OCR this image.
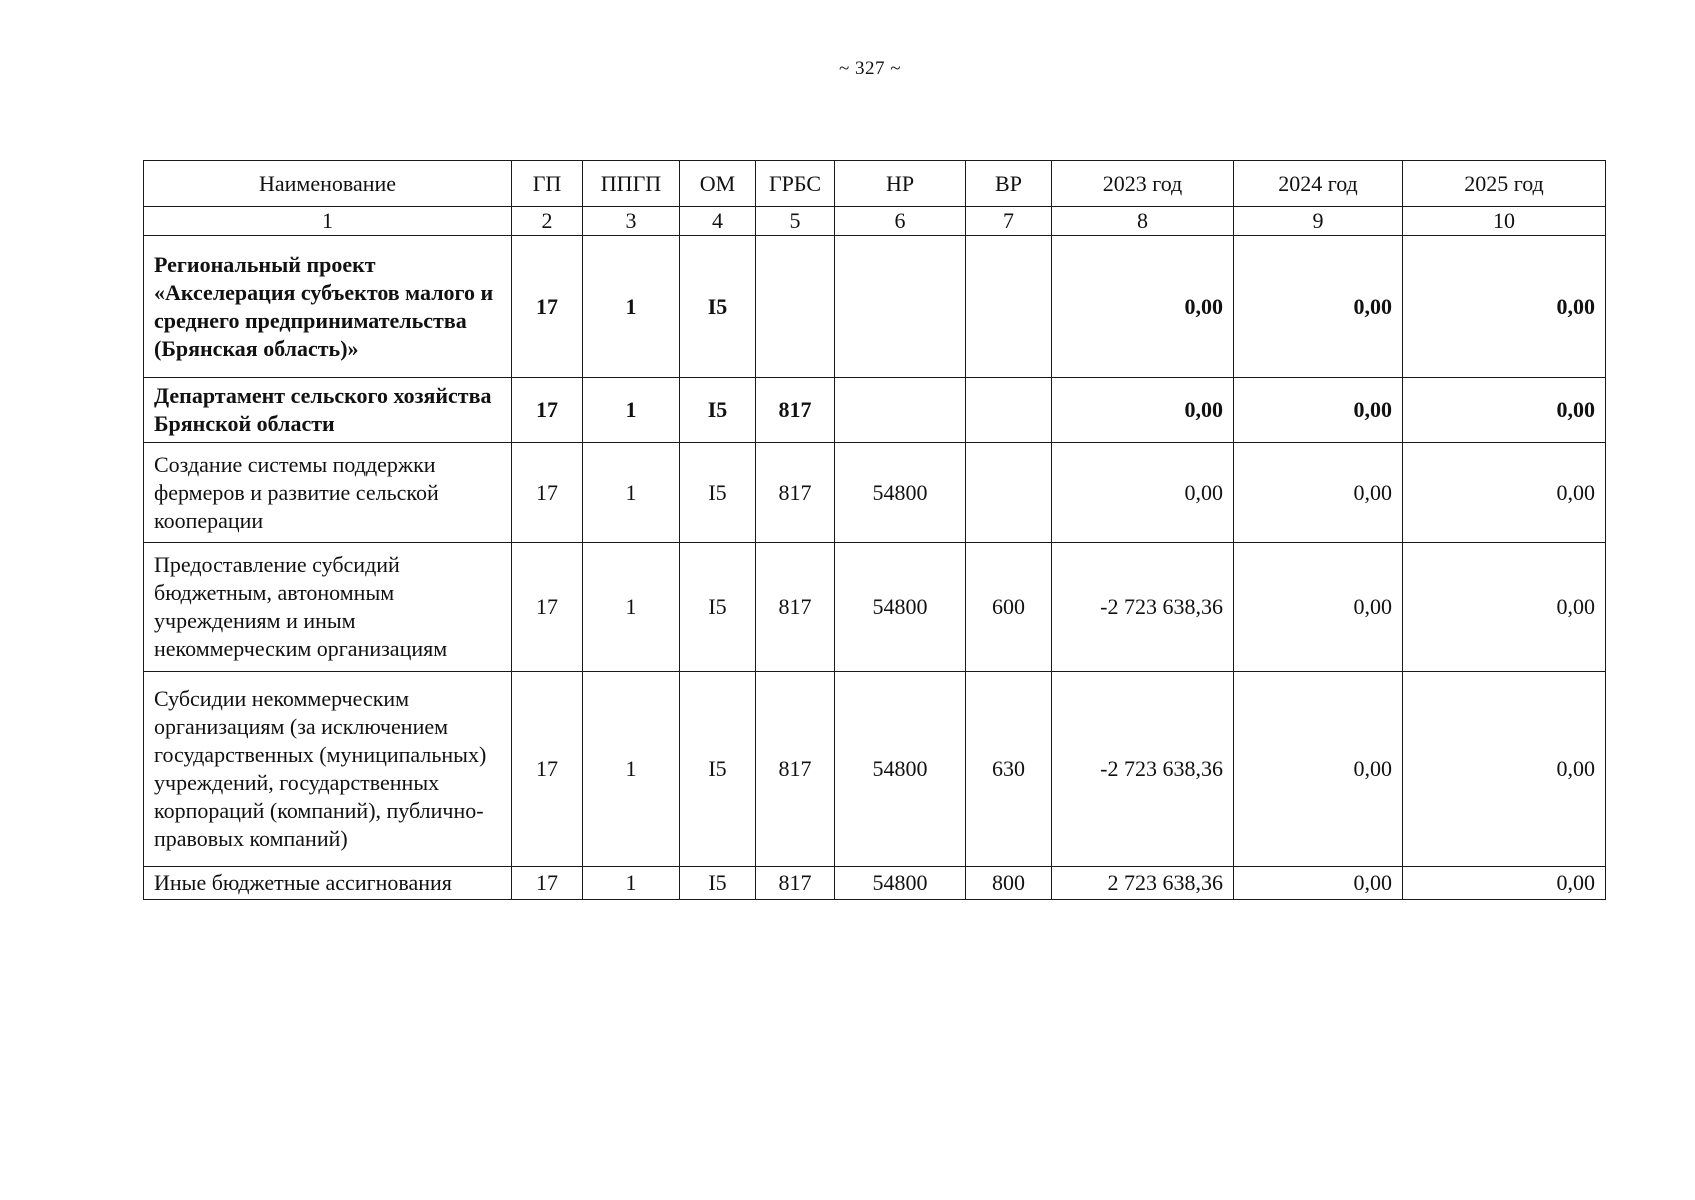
~ 327 ~
Наименование	ГП	ППГП	ОМ	ГРБС	НР	ВР	2023 год	2024 год	2025 год
1	2	3	4	5	6	7	8	9	10
Региональный проект «Акселерация субъектов малого и среднего предпринимательства (Брянская область)»	17	1	I5				0,00	0,00	0,00
Департамент сельского хозяйства Брянской области	17	1	I5	817			0,00	0,00	0,00
Создание системы поддержки фермеров и развитие сельской кооперации	17	1	I5	817	54800		0,00	0,00	0,00
Предоставление субсидий бюджетным, автономным учреждениям и иным некоммерческим организациям	17	1	I5	817	54800	600	-2 723 638,36	0,00	0,00
Субсидии некоммерческим организациям (за исключением государственных (муниципальных) учреждений, государственных корпораций (компаний), публично-правовых компаний)	17	1	I5	817	54800	630	-2 723 638,36	0,00	0,00
Иные бюджетные ассигнования	17	1	I5	817	54800	800	2 723 638,36	0,00	0,00
